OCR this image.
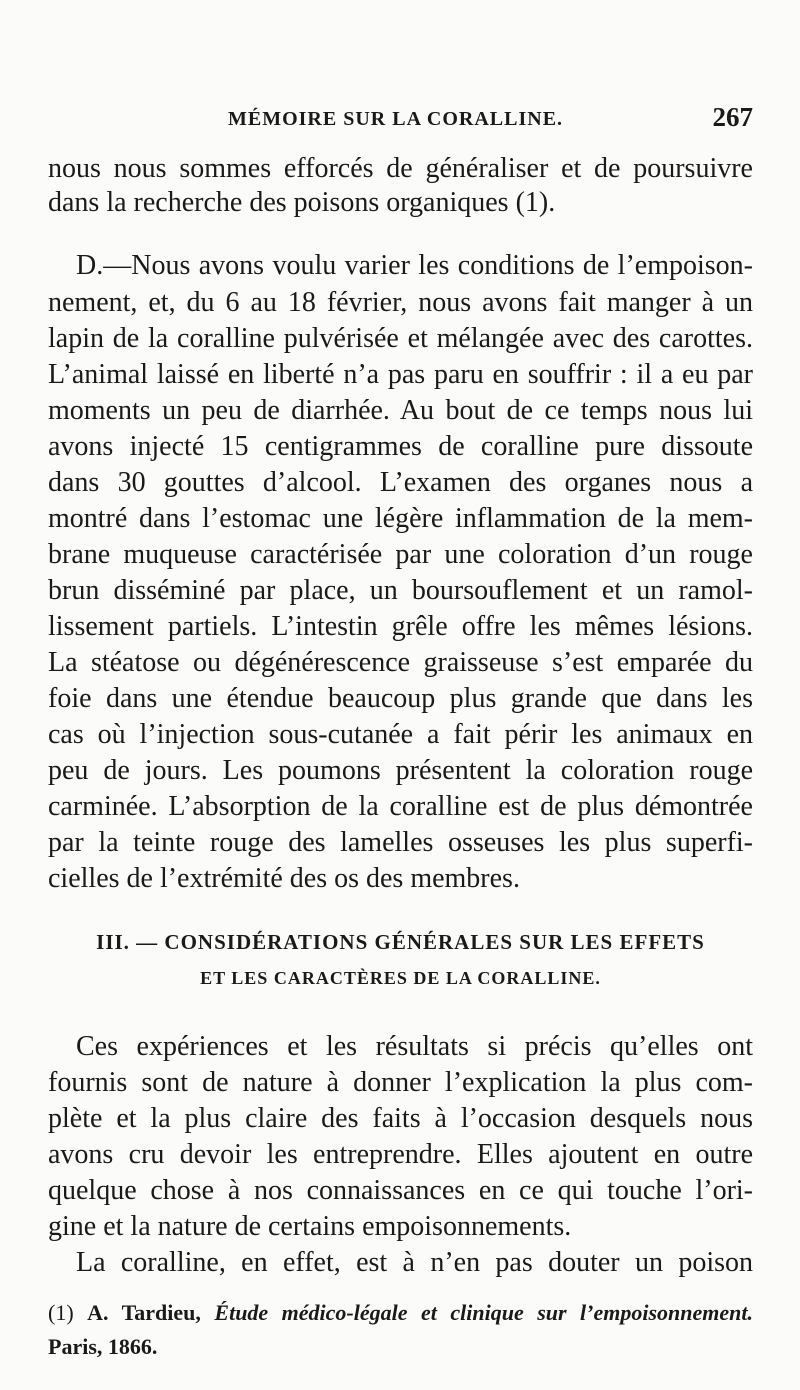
MÉMOIRE SUR LA CORALLINE.	267
nous nous sommes efforcés de généraliser et de poursuivre
dans la recherche des poisons organiques (1).
D.—Nous avons voulu varier les conditions de l’empoison-
nement, et, du 6 au 18 février, nous avons fait manger à un
lapin de la coralline pulvérisée et mélangée avec des carottes.
L’animal laissé en liberté n’a pas paru en souffrir : il a eu par
moments un peu de diarrhée. Au bout de ce temps nous lui
avons injecté 15 centigrammes de coralline pure dissoute
dans 30 gouttes d’alcool. L’examen des organes nous a
montré dans l’estomac une légère inflammation de la mem-
brane muqueuse caractérisée par une coloration d’un rouge
brun disséminé par place, un boursouflement et un ramol-
lissement partiels. L’intestin grêle offre les mêmes lésions.
La stéatose ou dégénérescence graisseuse s’est emparée du
foie dans une étendue beaucoup plus grande que dans les
cas où l’injection sous-cutanée a fait périr les animaux en
peu de jours. Les poumons présentent la coloration rouge
carminée. L’absorption de la coralline est de plus démontrée
par la teinte rouge des lamelles osseuses les plus superfi-
cielles de l’extrémité des os des membres.
III. — CONSIDÉRATIONS GÉNÉRALES SUR LES EFFETS
ET LES CARACTÈRES DE LA CORALLINE.
Ces expériences et les résultats si précis qu’elles ont
fournis sont de nature à donner l’explication la plus com-
plète et la plus claire des faits à l’occasion desquels nous
avons cru devoir les entreprendre. Elles ajoutent en outre
quelque chose à nos connaissances en ce qui touche l’ori-
gine et la nature de certains empoisonnements.
La coralline, en effet, est à n’en pas douter un poison
(1) A. Tardieu, Étude médico-légale et clinique sur l’empoisonnement.
Paris, 1866.
